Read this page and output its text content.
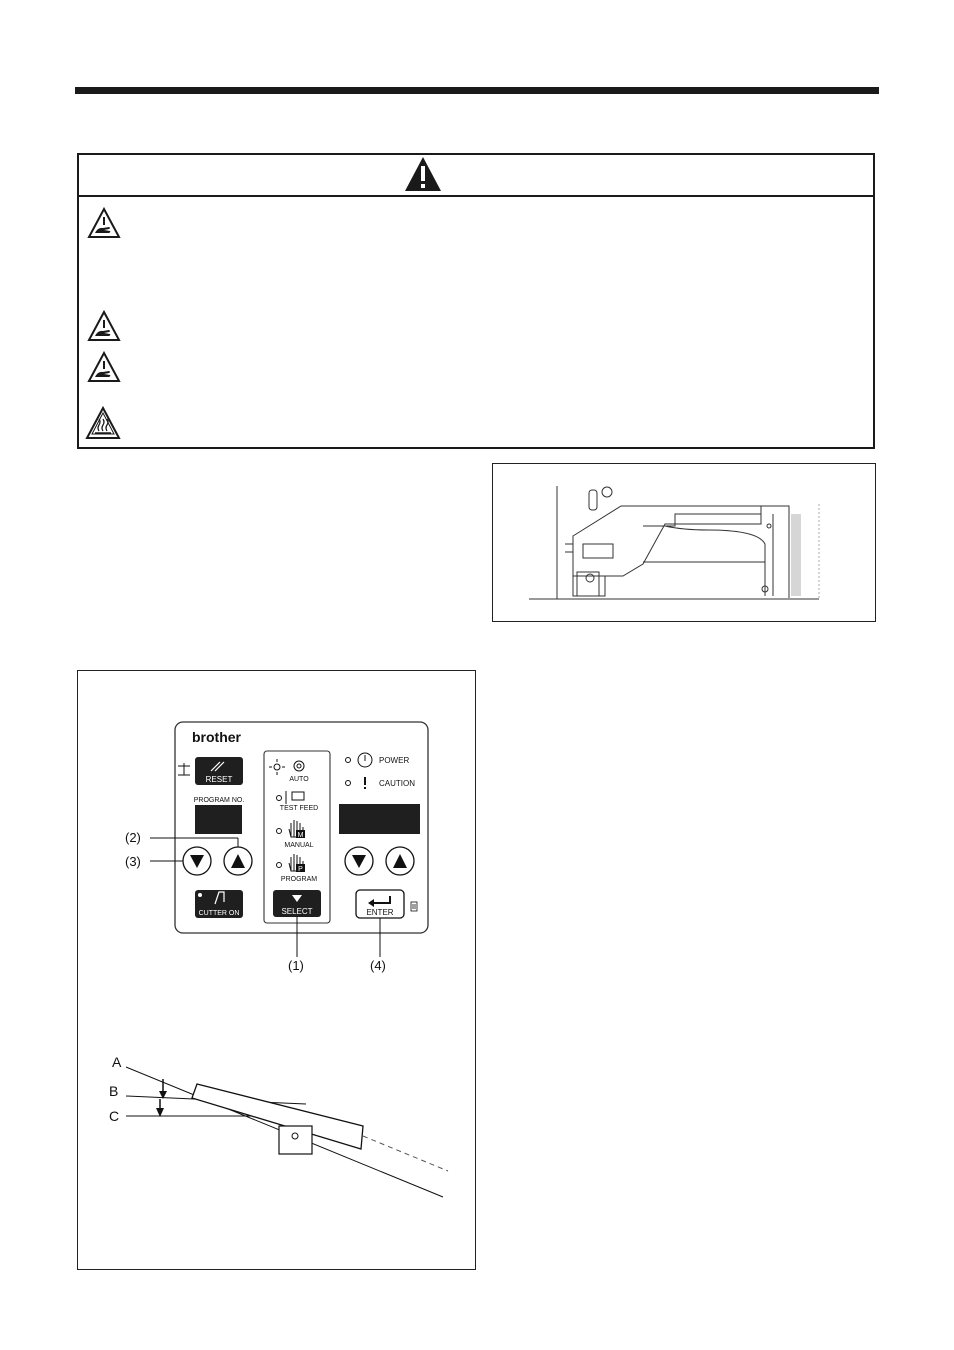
brother
RESET
PROGRAM NO.
CUTTER ON
AUTO
TEST FEED
M
MANUAL
P
PROGRAM
SELECT
POWER
CAUTION
ENTER
(2)
(3)
(1)	(4)
A
B
C
